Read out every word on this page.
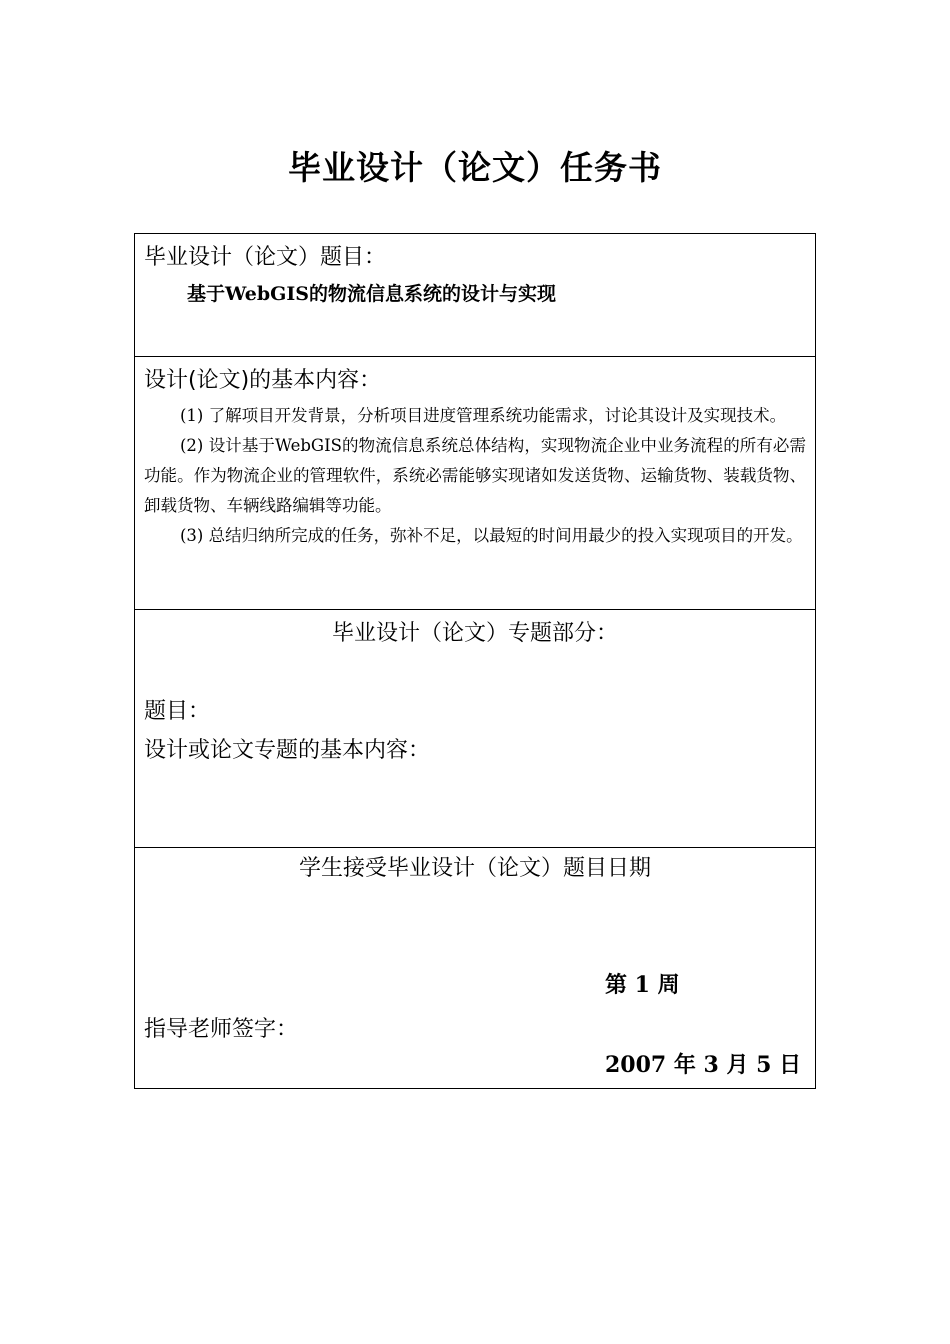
毕业设计（论文）任务书
毕业设计（论文）题目：
基于WebGIS的物流信息系统的设计与实现
设计(论文)的基本内容：

(1) 了解项目开发背景，分析项目进度管理系统功能需求，讨论其设计及实现技术。

(2) 设计基于WebGIS的物流信息系统总体结构，实现物流企业中业务流程的所有必需功能。作为物流企业的管理软件，系统必需能够实现诸如发送货物、运输货物、装载货物、卸载货物、车辆线路编辑等功能。

(3) 总结归纳所完成的任务，弥补不足，以最短的时间用最少的投入实现项目的开发。

毕业设计（论文）专题部分：
题目：
设计或论文专题的基本内容：
学生接受毕业设计（论文）题目日期
第 1 周
指导老师签字：
2007 年 3 月 5 日
